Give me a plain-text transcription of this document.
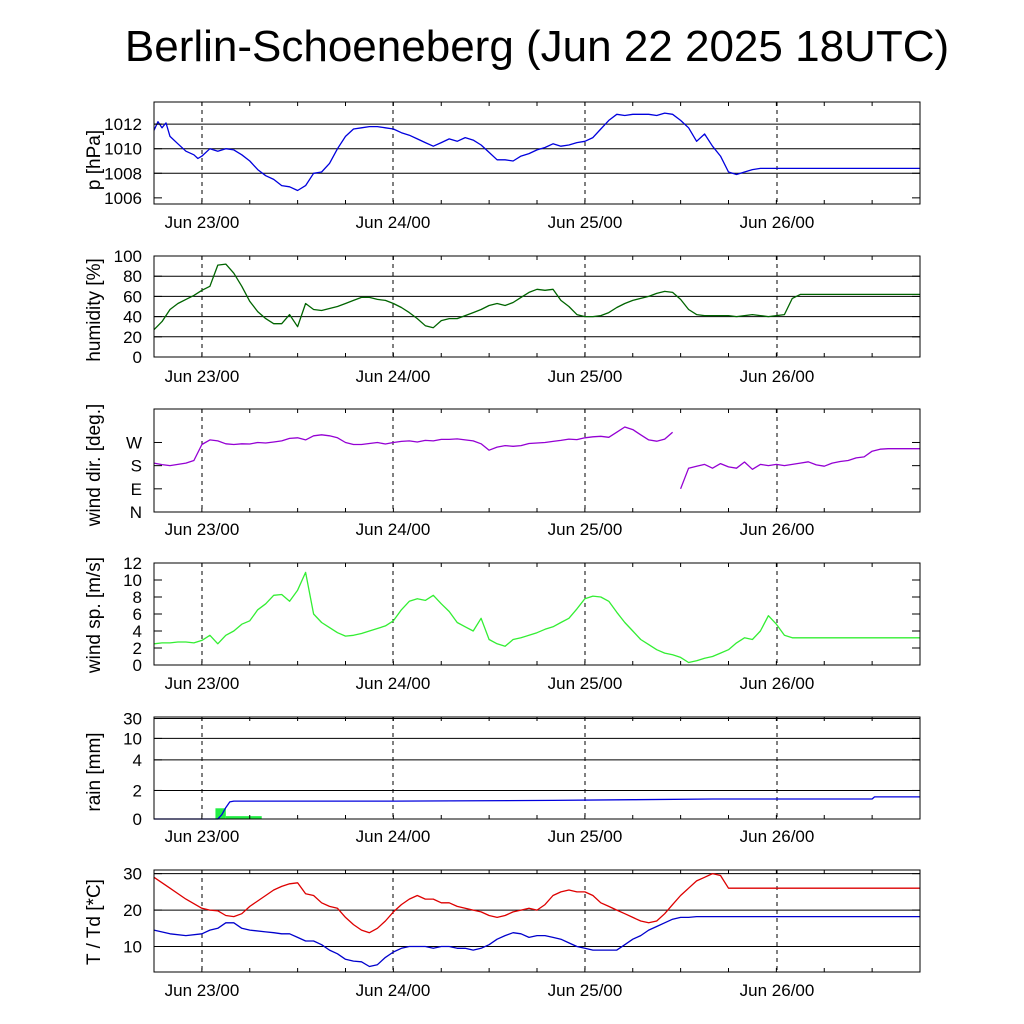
Berlin-Schoeneberg (Jun 22 2025 18UTC)
1006
1008
1010
1012
Jun 23/00	Jun 24/00	Jun 25/00	Jun 26/00
p [hPa]
0
20
40
60
80
100
Jun 23/00	Jun 24/00	Jun 25/00	Jun 26/00
humidity [%]
N
E
S
W
Jun 23/00	Jun 24/00	Jun 25/00	Jun 26/00
wind dir. [deg.]
0
2
4
6
8
10
12
Jun 23/00	Jun 24/00	Jun 25/00	Jun 26/00
wind sp. [m/s]
0
2
4
10
30
Jun 23/00	Jun 24/00	Jun 25/00	Jun 26/00
rain [mm]
10
20
30
Jun 23/00	Jun 24/00	Jun 25/00	Jun 26/00
T / Td [*C]
